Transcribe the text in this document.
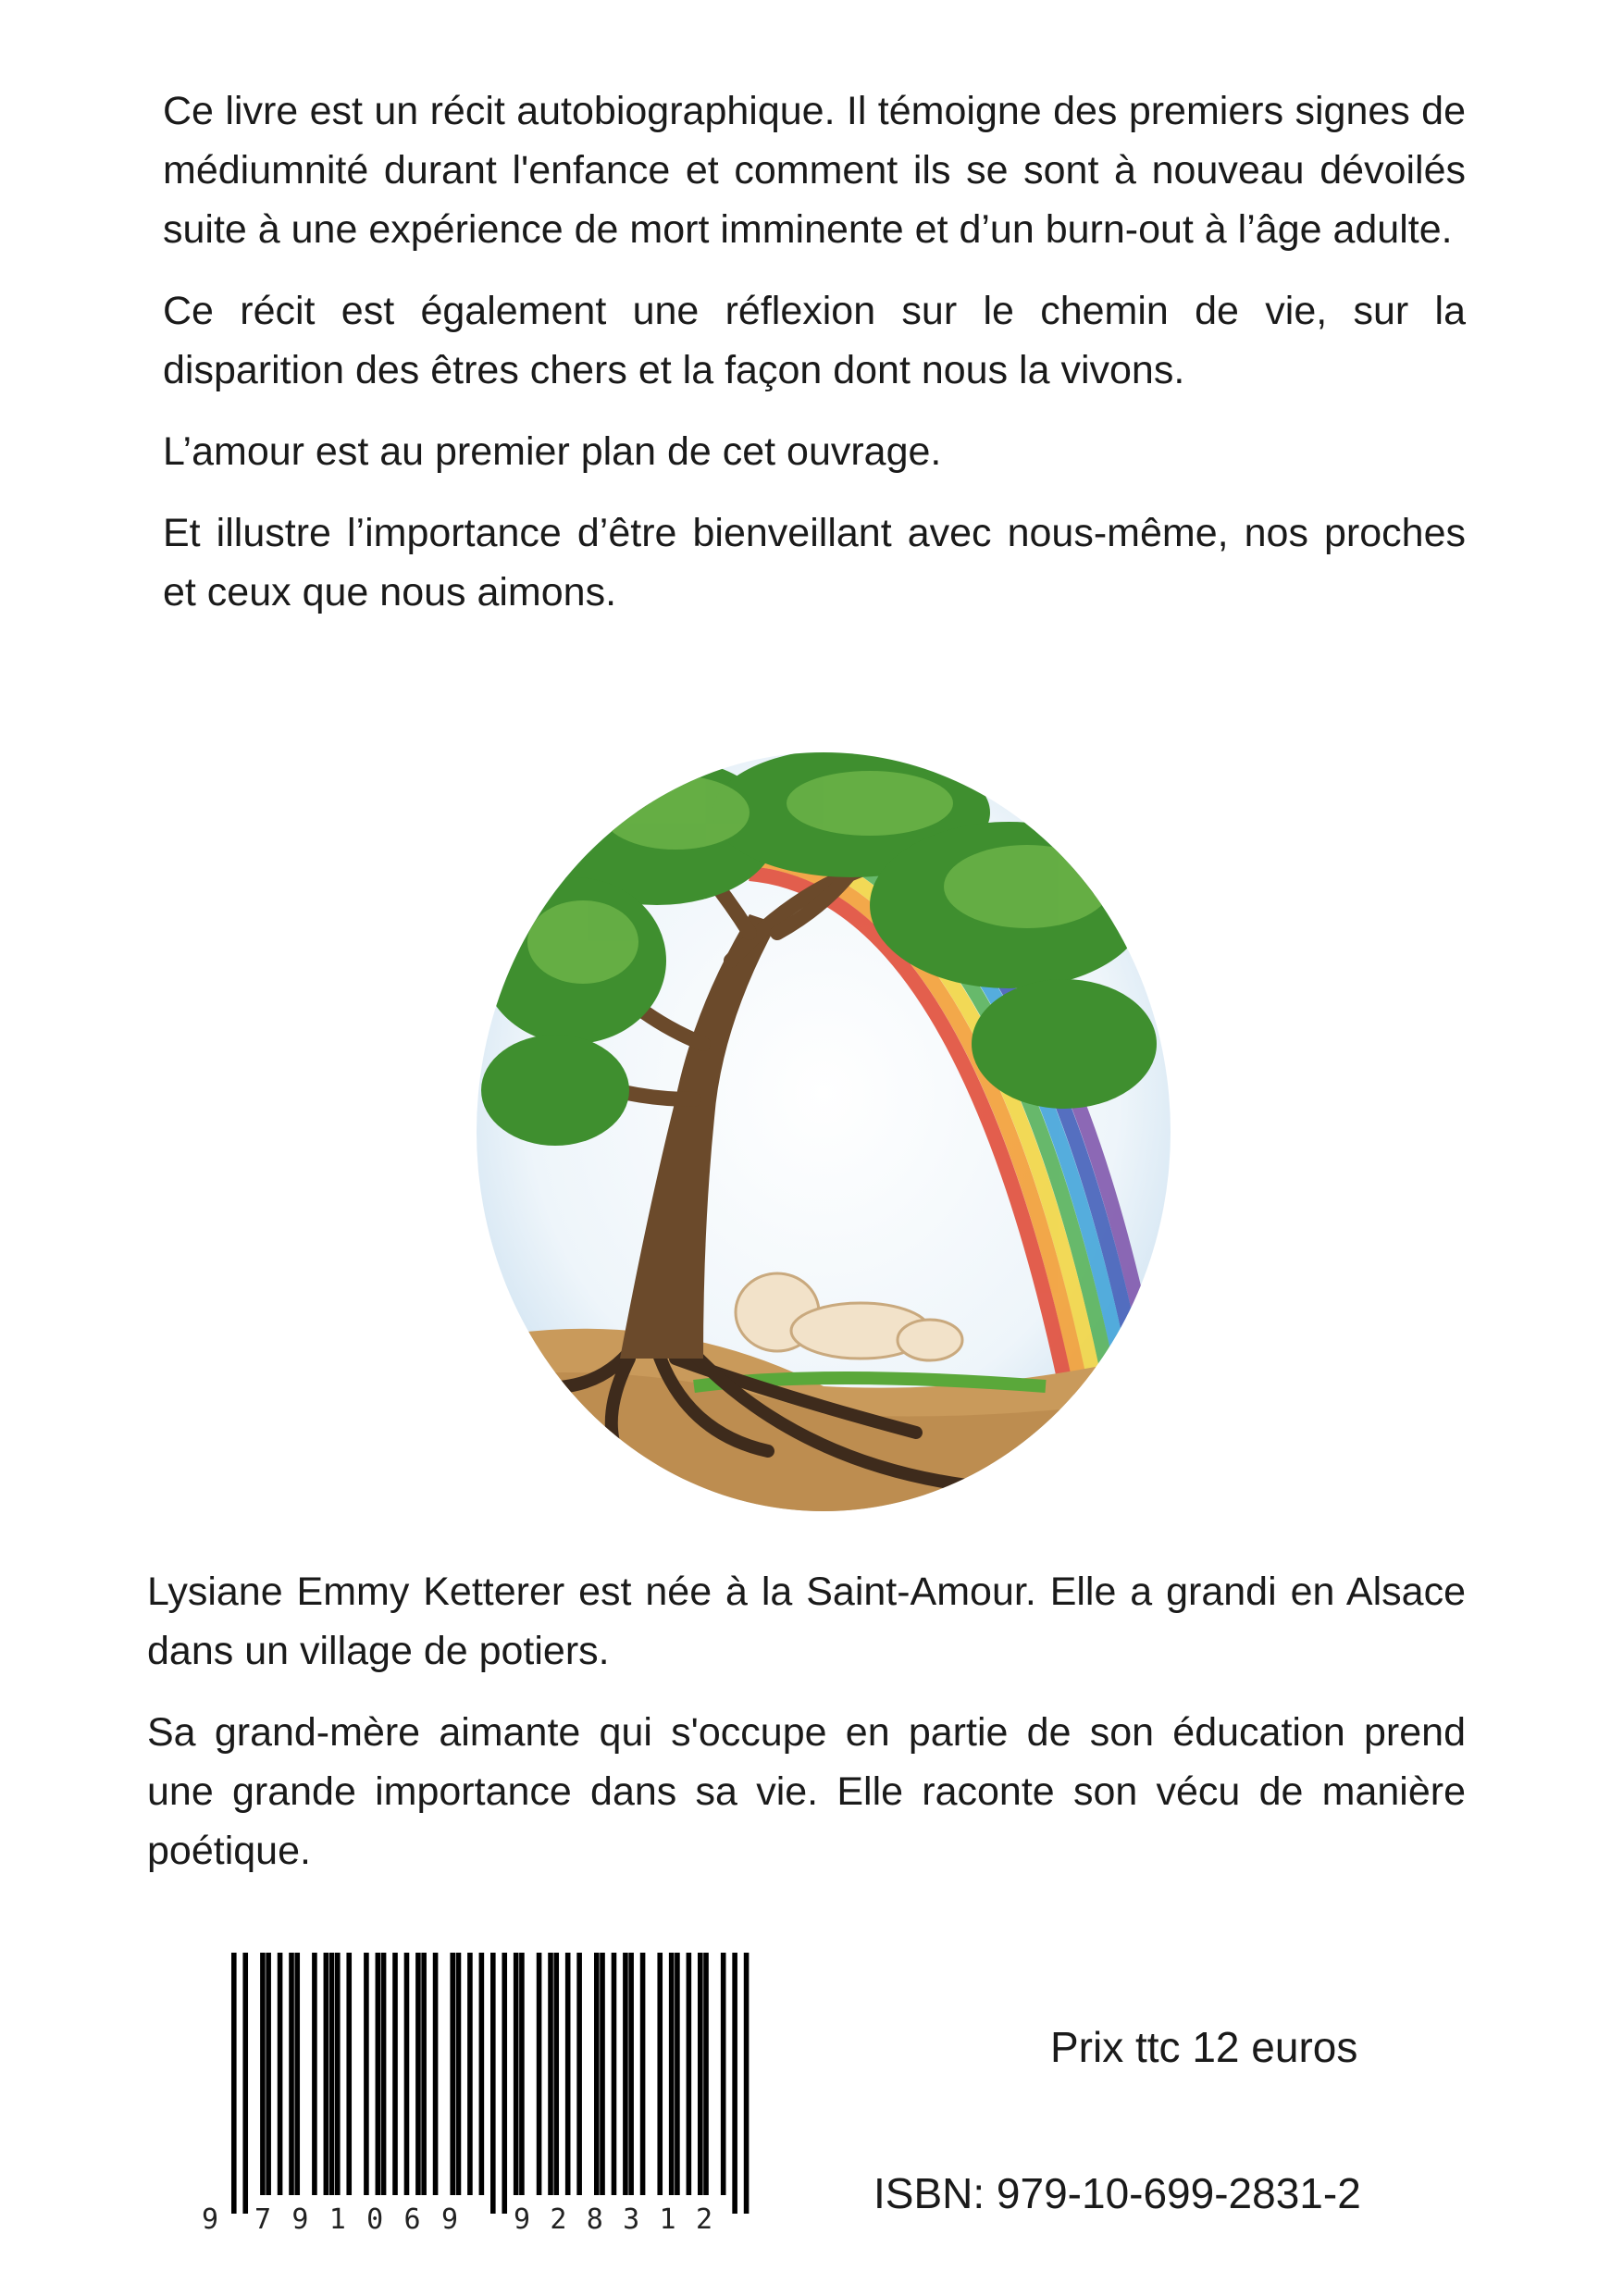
Ce livre est un récit autobiographique. Il témoigne des premiers signes de médiumnité durant l'enfance et comment ils se sont à nouveau dévoilés suite à une expérience de mort imminente et d’un burn-out à l’âge adulte.

Ce récit est également une réflexion sur le chemin de vie, sur la disparition des êtres chers et la façon dont nous la vivons.

L’amour est au premier plan de cet ouvrage.

Et illustre l’importance d’être bienveillant avec nous-même, nos proches et ceux que nous aimons.

Lysiane Emmy Ketterer est née à la Saint-Amour. Elle a grandi en Alsace dans un village de potiers.

Sa grand-mère aimante qui s'occupe en partie de son éducation prend une grande importance dans sa vie. Elle raconte son vécu de manière poétique.

9 791069 928312

Prix ttc 12 euros

ISBN: 979-10-699-2831-2
